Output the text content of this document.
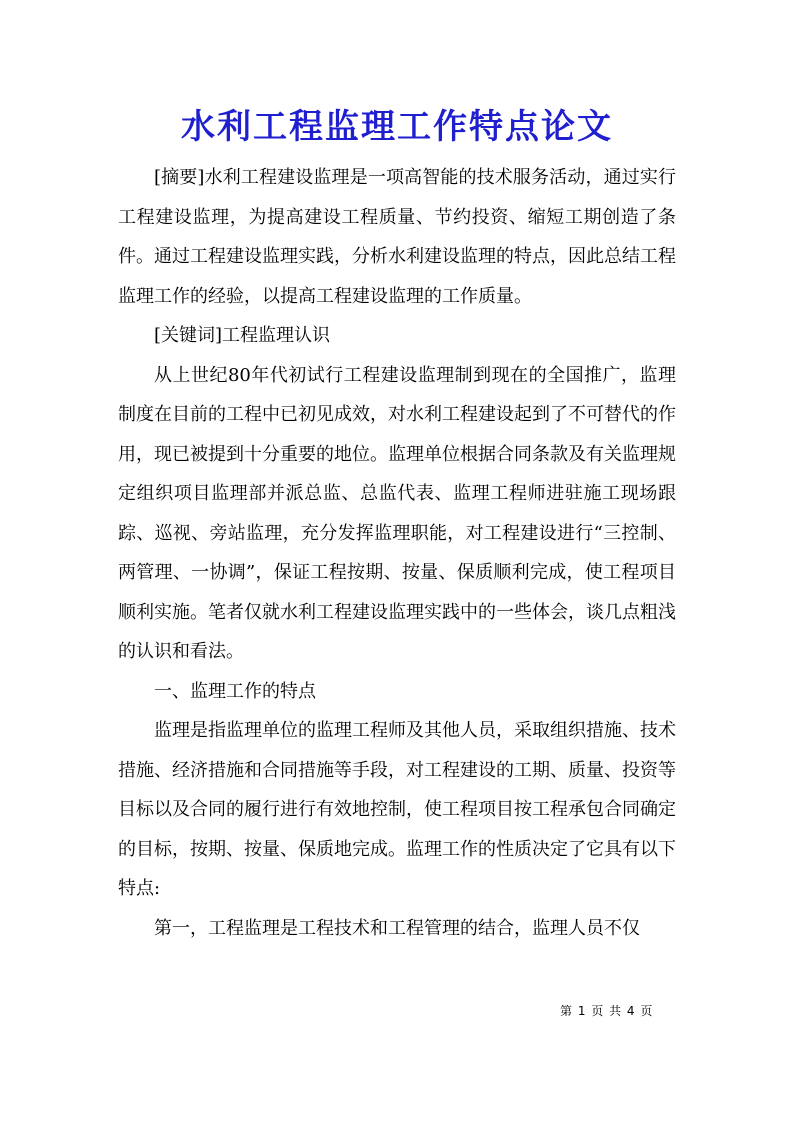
水利工程监理工作特点论文

[摘要]水利工程建设监理是一项高智能的技术服务活动，通过实行工程建设监理，为提高建设工程质量、节约投资、缩短工期创造了条件。通过工程建设监理实践，分析水利建设监理的特点，因此总结工程监理工作的经验，以提高工程建设监理的工作质量。

[关键词]工程监理认识

从上世纪80年代初试行工程建设监理制到现在的全国推广，监理制度在目前的工程中已初见成效，对水利工程建设起到了不可替代的作用，现已被提到十分重要的地位。监理单位根据合同条款及有关监理规定组织项目监理部并派总监、总监代表、监理工程师进驻施工现场跟踪、巡视、旁站监理，充分发挥监理职能，对工程建设进行“三控制、两管理、一协调”，保证工程按期、按量、保质顺利完成，使工程项目顺利实施。笔者仅就水利工程建设监理实践中的一些体会，谈几点粗浅的认识和看法。

一、监理工作的特点

监理是指监理单位的监理工程师及其他人员，采取组织措施、技术措施、经济措施和合同措施等手段，对工程建设的工期、质量、投资等目标以及合同的履行进行有效地控制，使工程项目按工程承包合同确定的目标，按期、按量、保质地完成。监理工作的性质决定了它具有以下特点:

第一，工程监理是工程技术和工程管理的结合，监理人员不仅

第 1 页 共 4 页
